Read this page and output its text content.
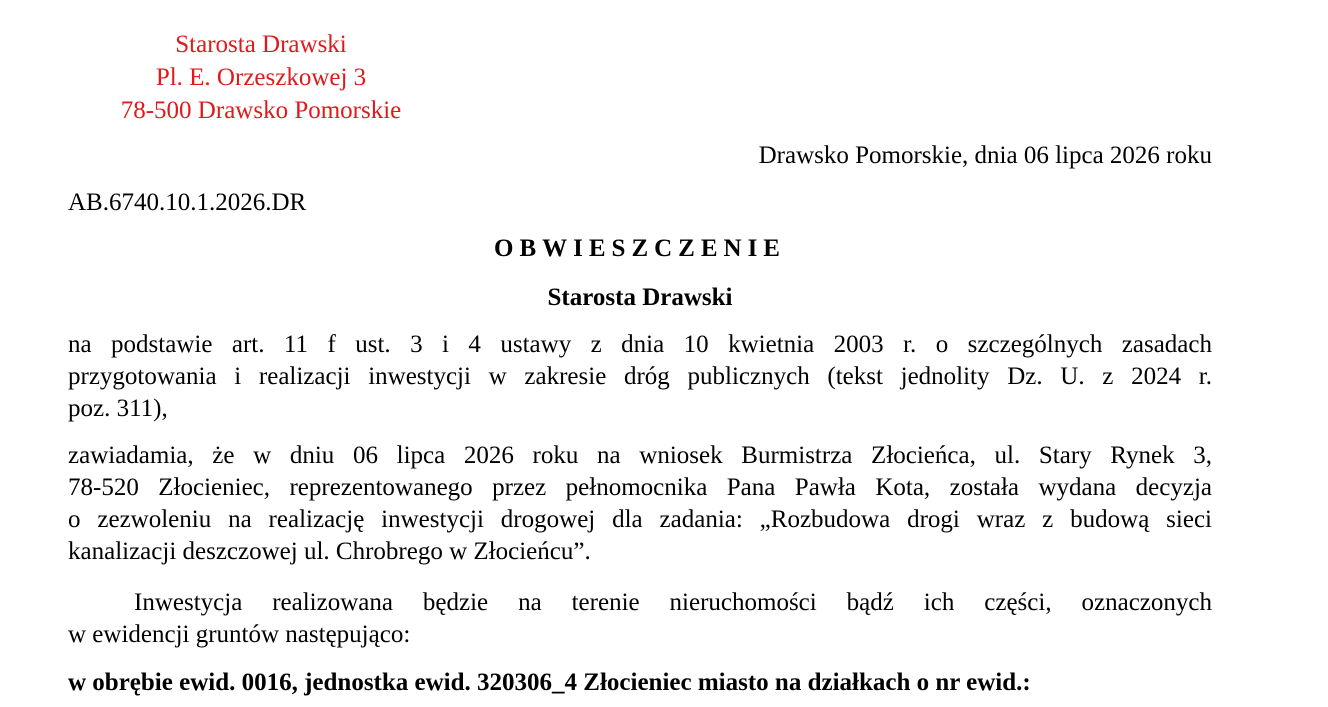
Starosta Drawski
Pl. E. Orzeszkowej 3
78-500 Drawsko Pomorskie
Drawsko Pomorskie, dnia 06 lipca 2026 roku
AB.6740.10.1.2026.DR
OBWIESZCZENIE
Starosta Drawski
na podstawie art. 11 f ust. 3 i 4 ustawy z dnia 10 kwietnia 2003 r. o szczególnych zasadach
przygotowania i realizacji inwestycji w zakresie dróg publicznych (tekst jednolity Dz. U. z 2024 r.
poz. 311),
zawiadamia, że w dniu 06 lipca 2026 roku na wniosek Burmistrza Złocieńca, ul. Stary Rynek 3,
78-520 Złocieniec, reprezentowanego przez pełnomocnika Pana Pawła Kota, została wydana decyzja
o zezwoleniu na realizację inwestycji drogowej dla zadania: „Rozbudowa drogi wraz z budową sieci
kanalizacji deszczowej ul. Chrobrego w Złocieńcu”.
Inwestycja realizowana będzie na terenie nieruchomości bądź ich części, oznaczonych
w ewidencji gruntów następująco:
w obrębie ewid. 0016, jednostka ewid. 320306_4 Złocieniec miasto na działkach o nr ewid.:
